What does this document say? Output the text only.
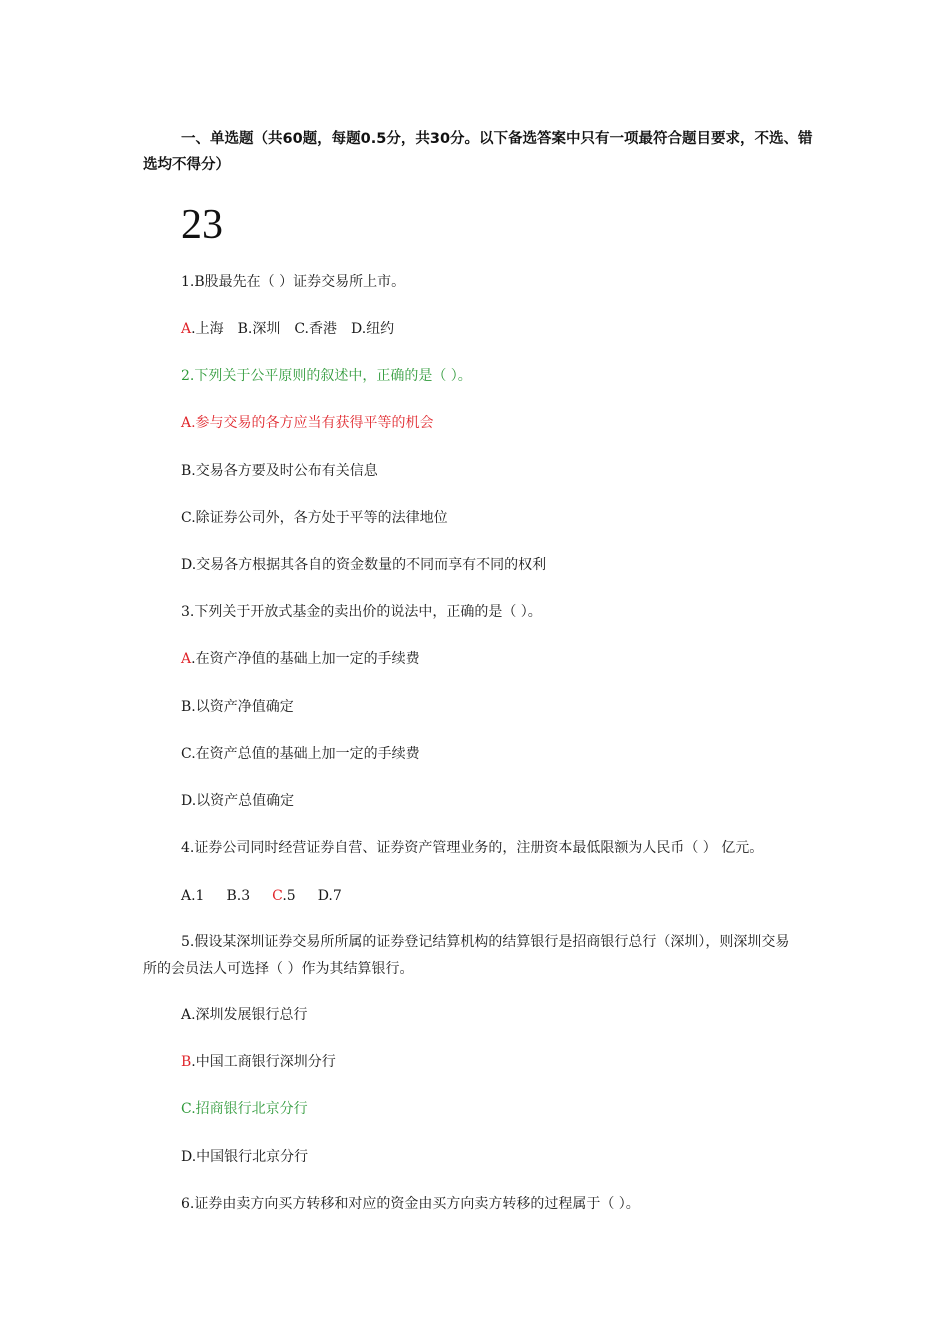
一、单选题（共60题，每题0.5分，共30分。以下备选答案中只有一项最符合题目要求，不选、错选均不得分）
23
1.B股最先在（ ）证券交易所上市。
A.上海 B.深圳 C.香港 D.纽约
2.下列关于公平原则的叙述中，正确的是（ ）。
A.参与交易的各方应当有获得平等的机会
B.交易各方要及时公布有关信息
C.除证券公司外，各方处于平等的法律地位
D.交易各方根据其各自的资金数量的不同而享有不同的权利
3.下列关于开放式基金的卖出价的说法中，正确的是（ ）。
A.在资产净值的基础上加一定的手续费
B.以资产净值确定
C.在资产总值的基础上加一定的手续费
D.以资产总值确定
4.证券公司同时经营证券自营、证券资产管理业务的，注册资本最低限额为人民币（ ） 亿元。
A.1 B.3 C.5 D.7
5.假设某深圳证券交易所所属的证券登记结算机构的结算银行是招商银行总行（深圳），则深圳交易所的会员法人可选择（ ）作为其结算银行。
A.深圳发展银行总行
B.中国工商银行深圳分行
C.招商银行北京分行
D.中国银行北京分行
6.证券由卖方向买方转移和对应的资金由买方向卖方转移的过程属于（ ）。
